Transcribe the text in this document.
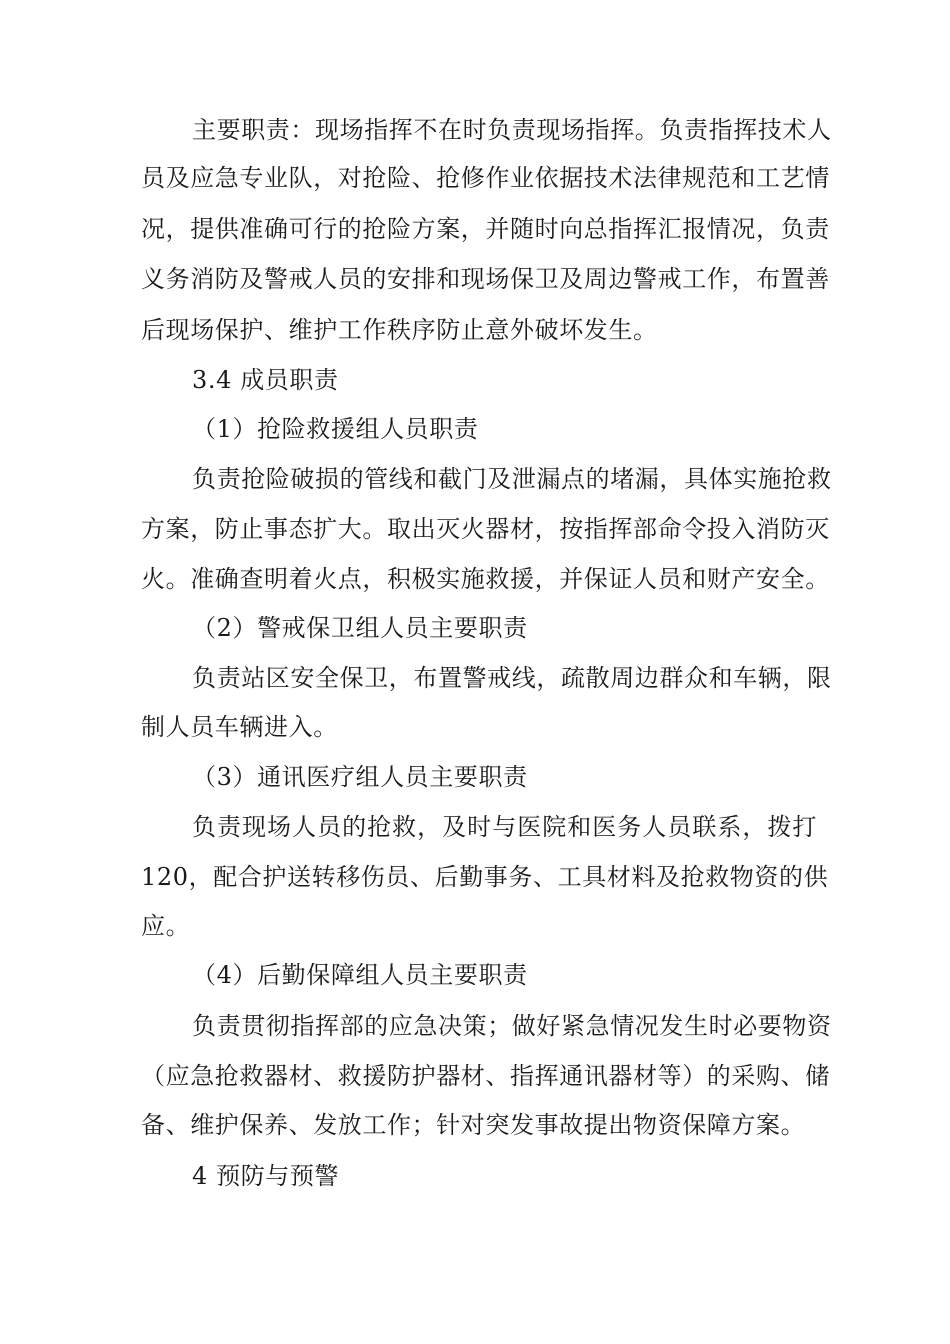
主要职责：现场指挥不在时负责现场指挥。负责指挥技术人

员及应急专业队，对抢险、抢修作业依据技术法律规范和工艺情

况，提供准确可行的抢险方案，并随时向总指挥汇报情况，负责

义务消防及警戒人员的安排和现场保卫及周边警戒工作，布置善

后现场保护、维护工作秩序防止意外破坏发生。

3.4 成员职责

（1）抢险救援组人员职责

负责抢险破损的管线和截门及泄漏点的堵漏，具体实施抢救

方案，防止事态扩大。取出灭火器材，按指挥部命令投入消防灭

火。准确查明着火点，积极实施救援，并保证人员和财产安全。

（2）警戒保卫组人员主要职责

负责站区安全保卫，布置警戒线，疏散周边群众和车辆，限

制人员车辆进入。

（3）通讯医疗组人员主要职责

负责现场人员的抢救，及时与医院和医务人员联系，拨打

120，配合护送转移伤员、后勤事务、工具材料及抢救物资的供

应。

（4）后勤保障组人员主要职责

负责贯彻指挥部的应急决策；做好紧急情况发生时必要物资

（应急抢救器材、救援防护器材、指挥通讯器材等）的采购、储

备、维护保养、发放工作；针对突发事故提出物资保障方案。

4 预防与预警
